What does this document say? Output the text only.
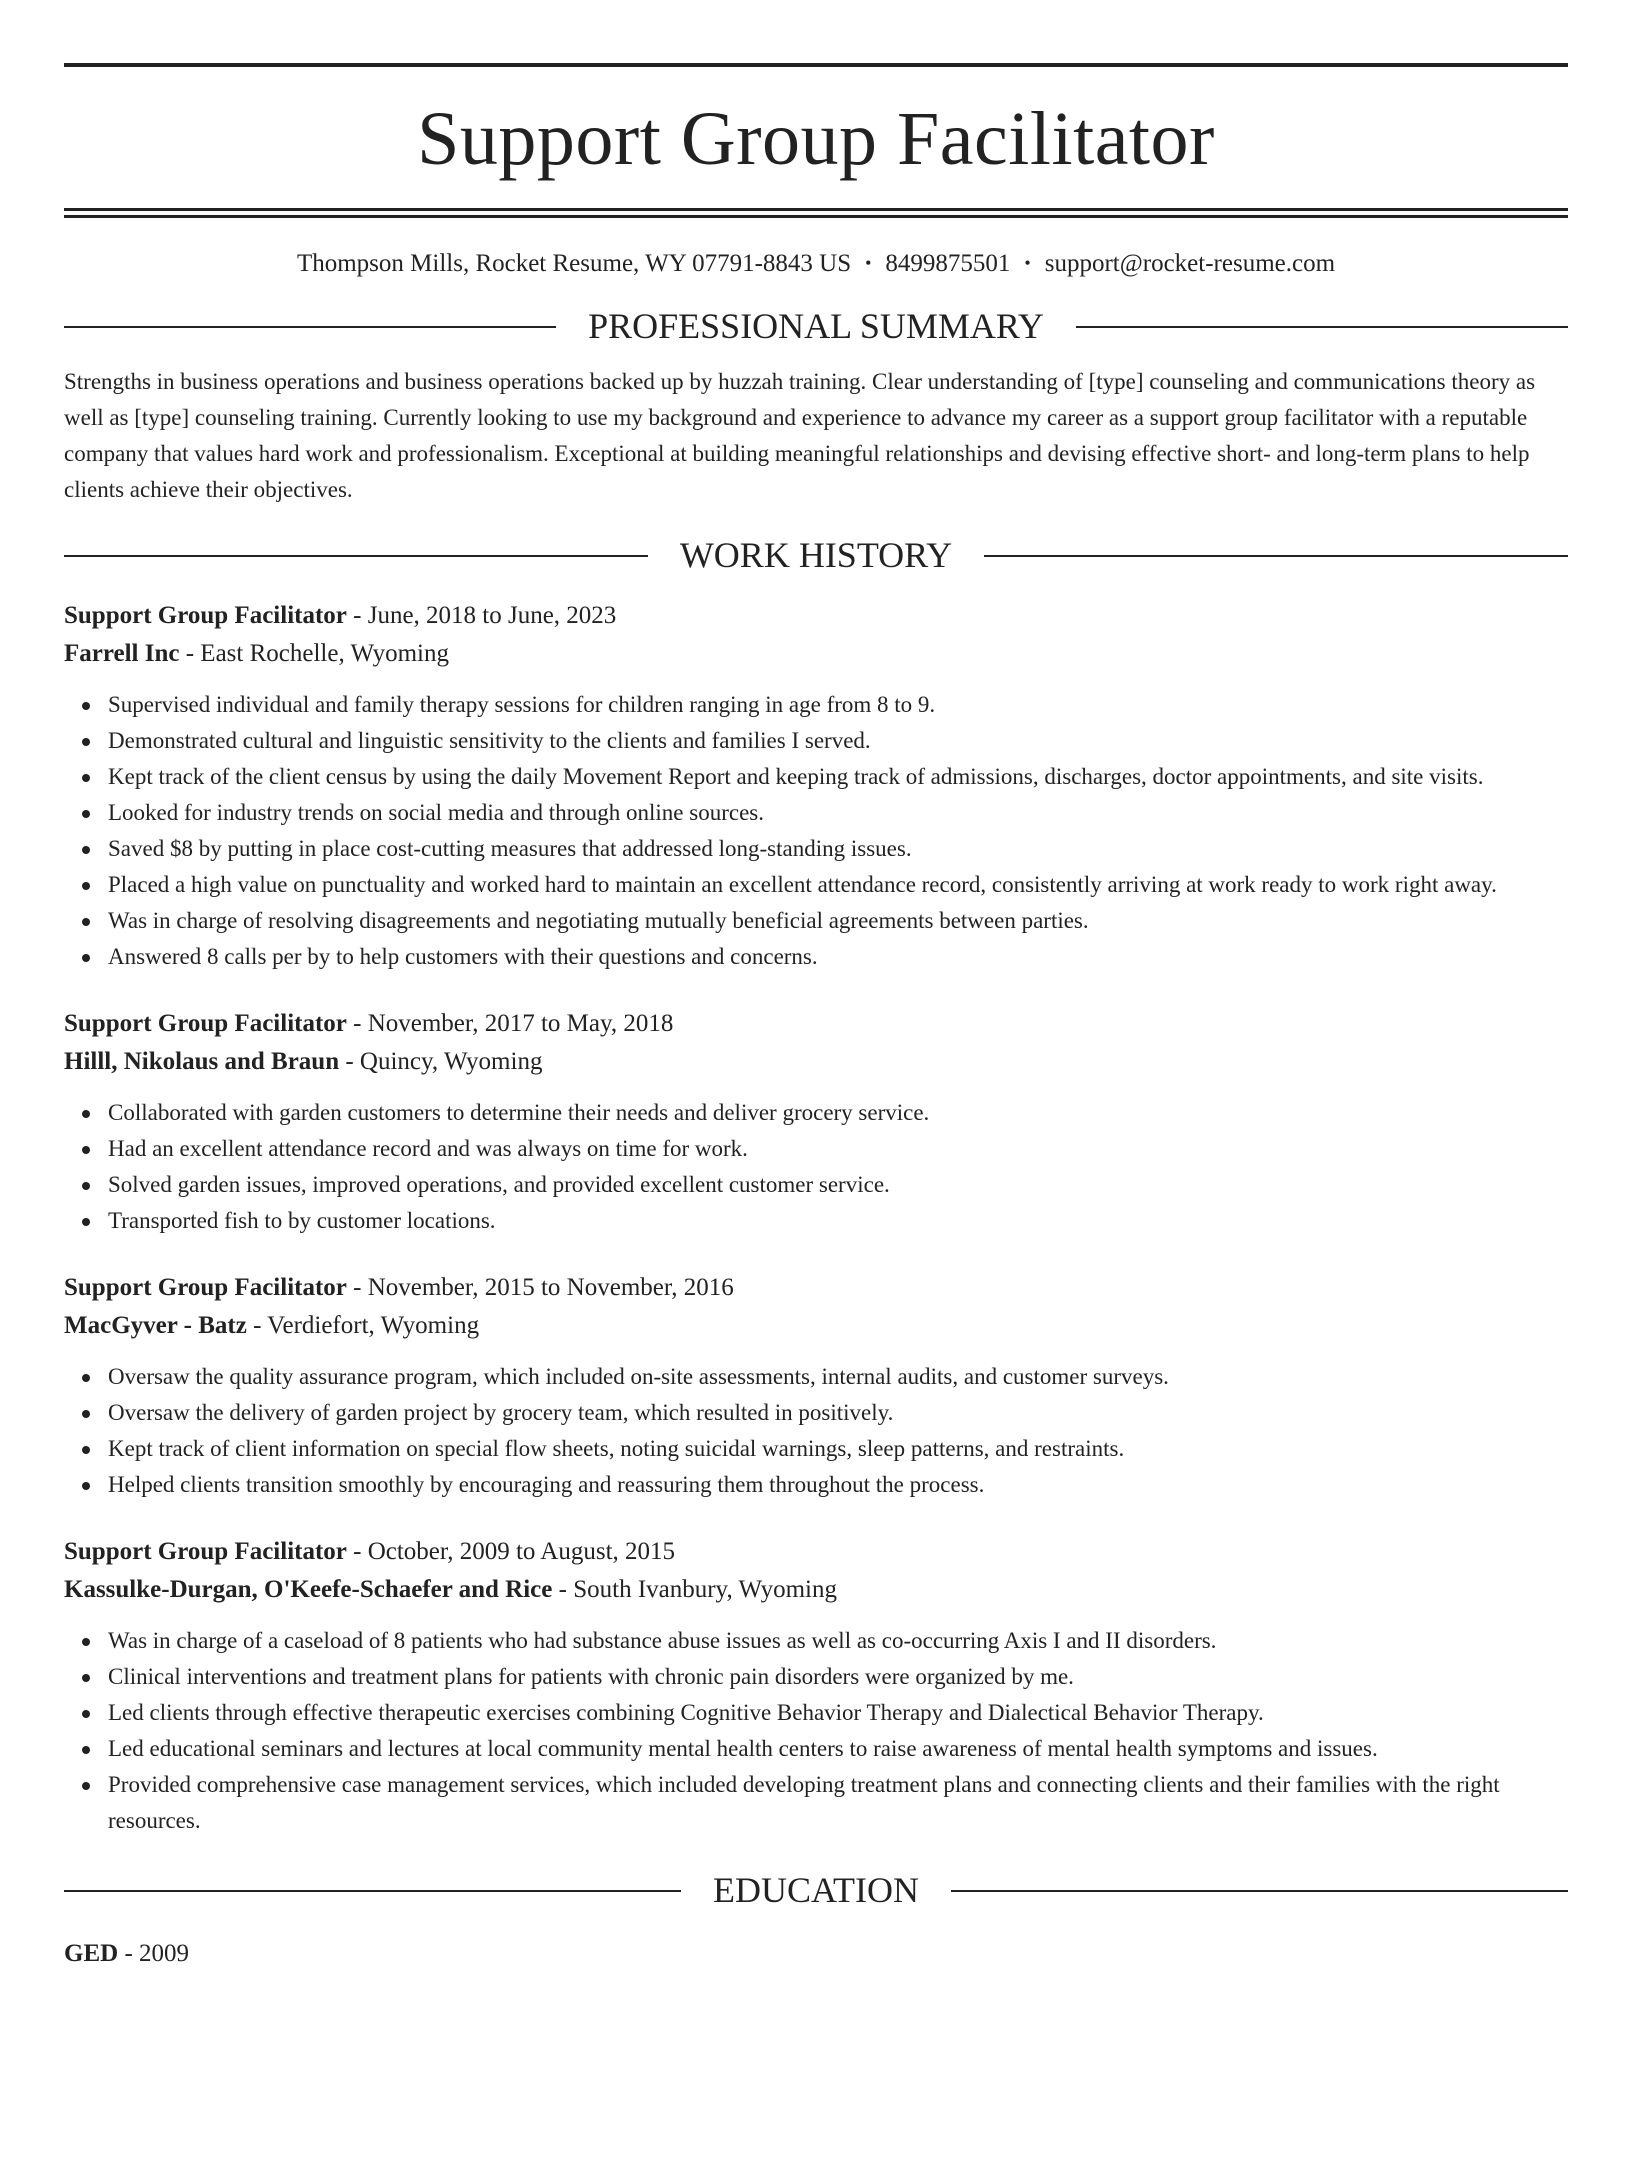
Support Group Facilitator
Thompson Mills, Rocket Resume, WY 07791-8843 US • 8499875501 • support@rocket-resume.com
PROFESSIONAL SUMMARY

Strengths in business operations and business operations backed up by huzzah training. Clear understanding of [type] counseling and communications theory as well as [type] counseling training. Currently looking to use my background and experience to advance my career as a support group facilitator with a reputable company that values hard work and professionalism. Exceptional at building meaningful relationships and devising effective short- and long-term plans to help clients achieve their objectives.

WORK HISTORY
Support Group Facilitator - June, 2018 to June, 2023
Farrell Inc - East Rochelle, Wyoming
Supervised individual and family therapy sessions for children ranging in age from 8 to 9.
Demonstrated cultural and linguistic sensitivity to the clients and families I served.
Kept track of the client census by using the daily Movement Report and keeping track of admissions, discharges, doctor appointments, and site visits.
Looked for industry trends on social media and through online sources.
Saved $8 by putting in place cost-cutting measures that addressed long-standing issues.
Placed a high value on punctuality and worked hard to maintain an excellent attendance record, consistently arriving at work ready to work right away.
Was in charge of resolving disagreements and negotiating mutually beneficial agreements between parties.
Answered 8 calls per by to help customers with their questions and concerns.
Support Group Facilitator - November, 2017 to May, 2018
Hilll, Nikolaus and Braun - Quincy, Wyoming
Collaborated with garden customers to determine their needs and deliver grocery service.
Had an excellent attendance record and was always on time for work.
Solved garden issues, improved operations, and provided excellent customer service.
Transported fish to by customer locations.
Support Group Facilitator - November, 2015 to November, 2016
MacGyver - Batz - Verdiefort, Wyoming
Oversaw the quality assurance program, which included on-site assessments, internal audits, and customer surveys.
Oversaw the delivery of garden project by grocery team, which resulted in positively.
Kept track of client information on special flow sheets, noting suicidal warnings, sleep patterns, and restraints.
Helped clients transition smoothly by encouraging and reassuring them throughout the process.
Support Group Facilitator - October, 2009 to August, 2015
Kassulke-Durgan, O'Keefe-Schaefer and Rice - South Ivanbury, Wyoming
Was in charge of a caseload of 8 patients who had substance abuse issues as well as co-occurring Axis I and II disorders.
Clinical interventions and treatment plans for patients with chronic pain disorders were organized by me.
Led clients through effective therapeutic exercises combining Cognitive Behavior Therapy and Dialectical Behavior Therapy.
Led educational seminars and lectures at local community mental health centers to raise awareness of mental health symptoms and issues.
Provided comprehensive case management services, which included developing treatment plans and connecting clients and their families with the right resources.
EDUCATION
GED - 2009
